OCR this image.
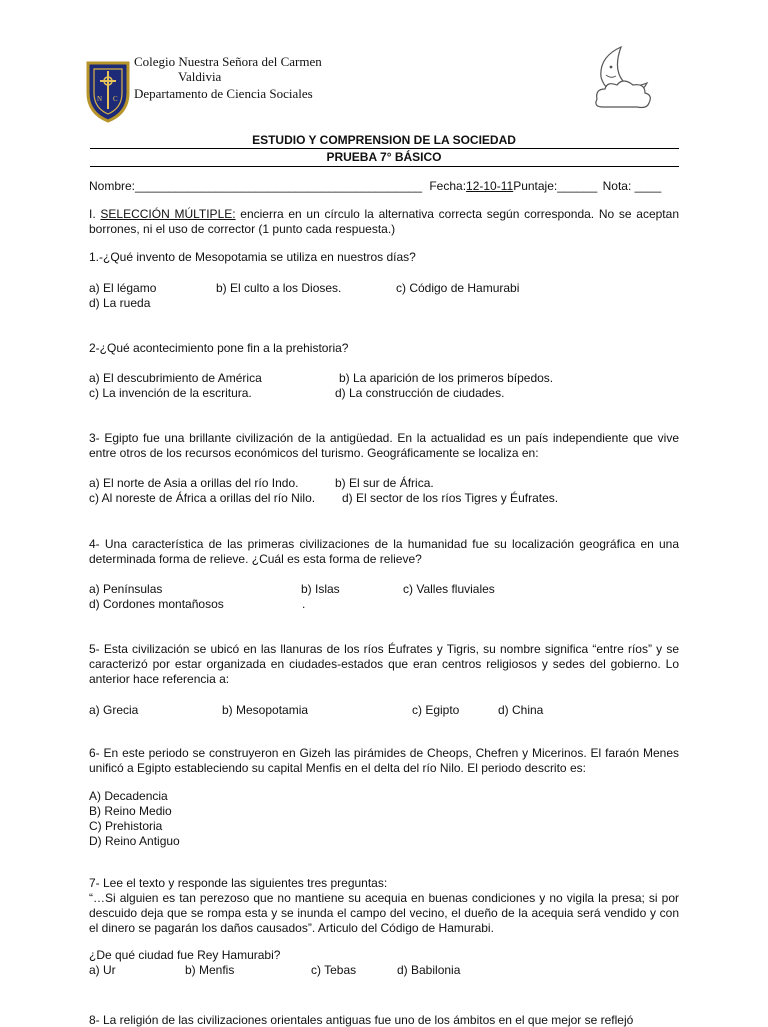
N C
Colegio Nuestra Señora del Carmen
Valdivia
Departamento de Ciencia Sociales
ESTUDIO Y COMPRENSION DE LA SOCIEDAD
PRUEBA 7° BÁSICO
Nombre:___________________________________________ Fecha:12-10-11Puntaje:______ Nota: ____
I. SELECCIÓN MÚLTIPLE: encierra en un círculo la alternativa correcta según corresponda. No se aceptan borrones, ni el uso de corrector (1 punto cada respuesta.)
1.-¿Qué invento de Mesopotamia se utiliza en nuestros días?
a) El légamo	b) El culto a los Dioses.	c) Código de Hamurabi
d) La rueda
2-¿Qué acontecimiento pone fin a la prehistoria?
a) El descubrimiento de América	b) La aparición de los primeros bípedos.
c) La invención de la escritura.	d) La construcción de ciudades.
3- Egipto fue una brillante civilización de la antigüedad. En la actualidad es un país independiente que vive entre otros de los recursos económicos del turismo. Geográficamente se localiza en:
a) El norte de Asia a orillas del río Indo.	b) El sur de África.
c) Al noreste de África a orillas del río Nilo. d) El sector de los ríos Tigres y Éufrates.
4- Una característica de las primeras civilizaciones de la humanidad fue su localización geográfica en una determinada forma de relieve. ¿Cuál es esta forma de relieve?
a) Penínsulas	b) Islas	c) Valles fluviales
d) Cordones montañosos	.
5- Esta civilización se ubicó en las llanuras de los ríos Éufrates y Tigris, su nombre significa “entre ríos” y se caracterizó por estar organizada en ciudades-estados que eran centros religiosos y sedes del gobierno. Lo anterior hace referencia a:
a) Grecia	b) Mesopotamia	c) Egipto	d) China
6- En este periodo se construyeron en Gizeh las pirámides de Cheops, Chefren y Micerinos. El faraón Menes unificó a Egipto estableciendo su capital Menfis en el delta del río Nilo. El periodo descrito es:
A) Decadencia
B) Reino Medio
C) Prehistoria
D) Reino Antiguo
7- Lee el texto y responde las siguientes tres preguntas:
“…Si alguien es tan perezoso que no mantiene su acequia en buenas condiciones y no vigila la presa; si por descuido deja que se rompa esta y se inunda el campo del vecino, el dueño de la acequia será vendido y con el dinero se pagarán los daños causados”. Articulo del Código de Hamurabi.
¿De qué ciudad fue Rey Hamurabi?
a) Ur	b) Menfis	c) Tebas	d) Babilonia
8- La religión de las civilizaciones orientales antiguas fue uno de los ámbitos en el que mejor se reflejó
